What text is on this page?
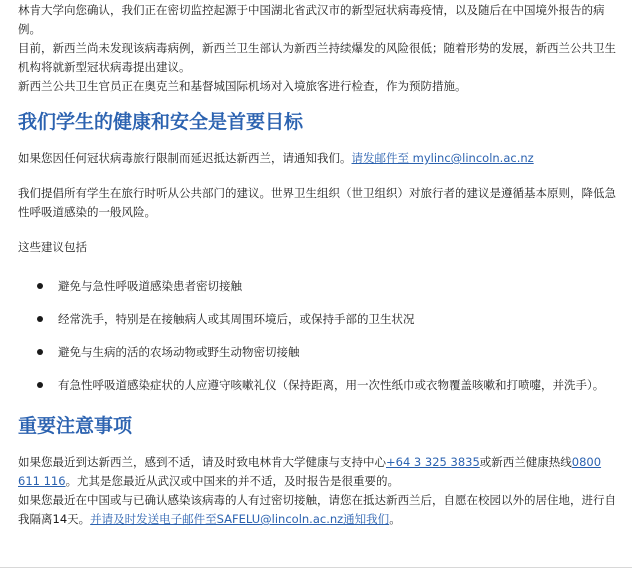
林肯大学向您确认，我们正在密切监控起源于中国湖北省武汉市的新型冠状病毒疫情，以及随后在中国境外报告的病例。

目前，新西兰尚未发现该病毒病例，新西兰卫生部认为新西兰持续爆发的风险很低；随着形势的发展，新西兰公共卫生机构将就新型冠状病毒提出建议。

新西兰公共卫生官员正在奥克兰和基督城国际机场对入境旅客进行检查，作为预防措施。

我们学生的健康和安全是首要目标

如果您因任何冠状病毒旅行限制而延迟抵达新西兰，请通知我们。请发邮件至 mylinc@lincoln.ac.nz

我们提倡所有学生在旅行时听从公共部门的建议。世界卫生组织（世卫组织）对旅行者的建议是遵循基本原则，降低急性呼吸道感染的一般风险。

这些建议包括

避免与急性呼吸道感染患者密切接触
经常洗手，特别是在接触病人或其周围环境后，或保持手部的卫生状况
避免与生病的活的农场动物或野生动物密切接触
有急性呼吸道感染症状的人应遵守咳嗽礼仪（保持距离，用一次性纸巾或衣物覆盖咳嗽和打喷嚏，并洗手）。
重要注意事项

如果您最近到达新西兰，感到不适，请及时致电林肯大学健康与支持中心+64 3 325 3835或新西兰健康热线0800 611 116。尤其是您最近从武汉或中国来的并不适，及时报告是很重要的。

如果您最近在中国或与已确认感染该病毒的人有过密切接触，请您在抵达新西兰后，自愿在校园以外的居住地，进行自我隔离14天。并请及时发送电子邮件至SAFELU@lincoln.ac.nz通知我们。
